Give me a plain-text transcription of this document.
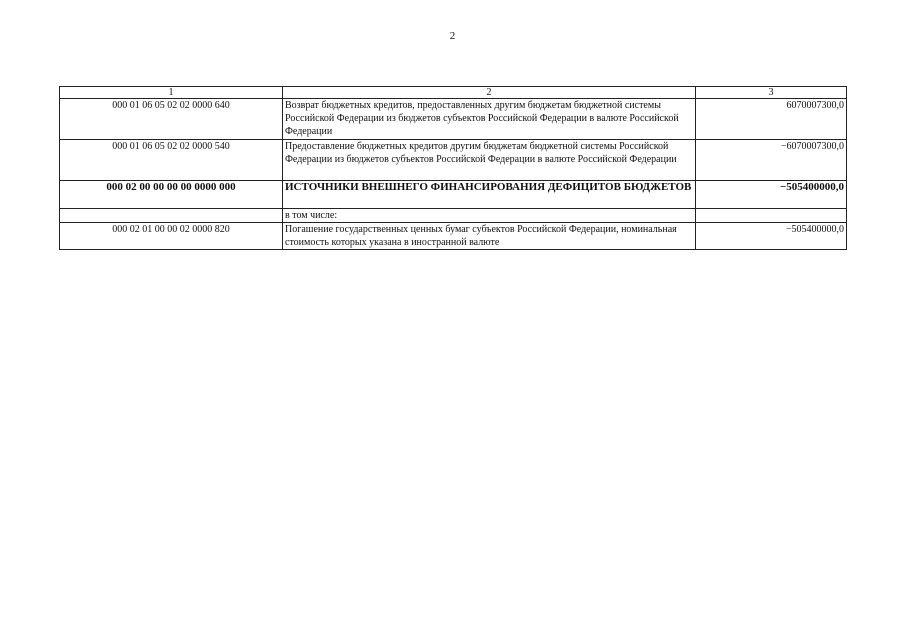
2
1	2	3
000 01 06 05 02 02 0000 640	Возврат бюджетных кредитов, предоставленных другим бюджетам бюджетной системы Российской Федерации из бюджетов субъектов Российской Федерации в валюте Российской Федерации	6070007300,0
000 01 06 05 02 02 0000 540	Предоставление бюджетных кредитов другим бюджетам бюджетной системы Российской Федерации из бюджетов субъектов Российской Федерации в валюте Российской Федерации	−6070007300,0
000 02 00 00 00 00 0000 000	ИСТОЧНИКИ ВНЕШНЕГО ФИНАНСИРОВАНИЯ ДЕФИЦИТОВ БЮДЖЕТОВ	−505400000,0
	в том числе:	
000 02 01 00 00 02 0000 820	Погашение государственных ценных бумаг субъектов Российской Федерации, номинальная стоимость которых указана в иностранной валюте	−505400000,0
